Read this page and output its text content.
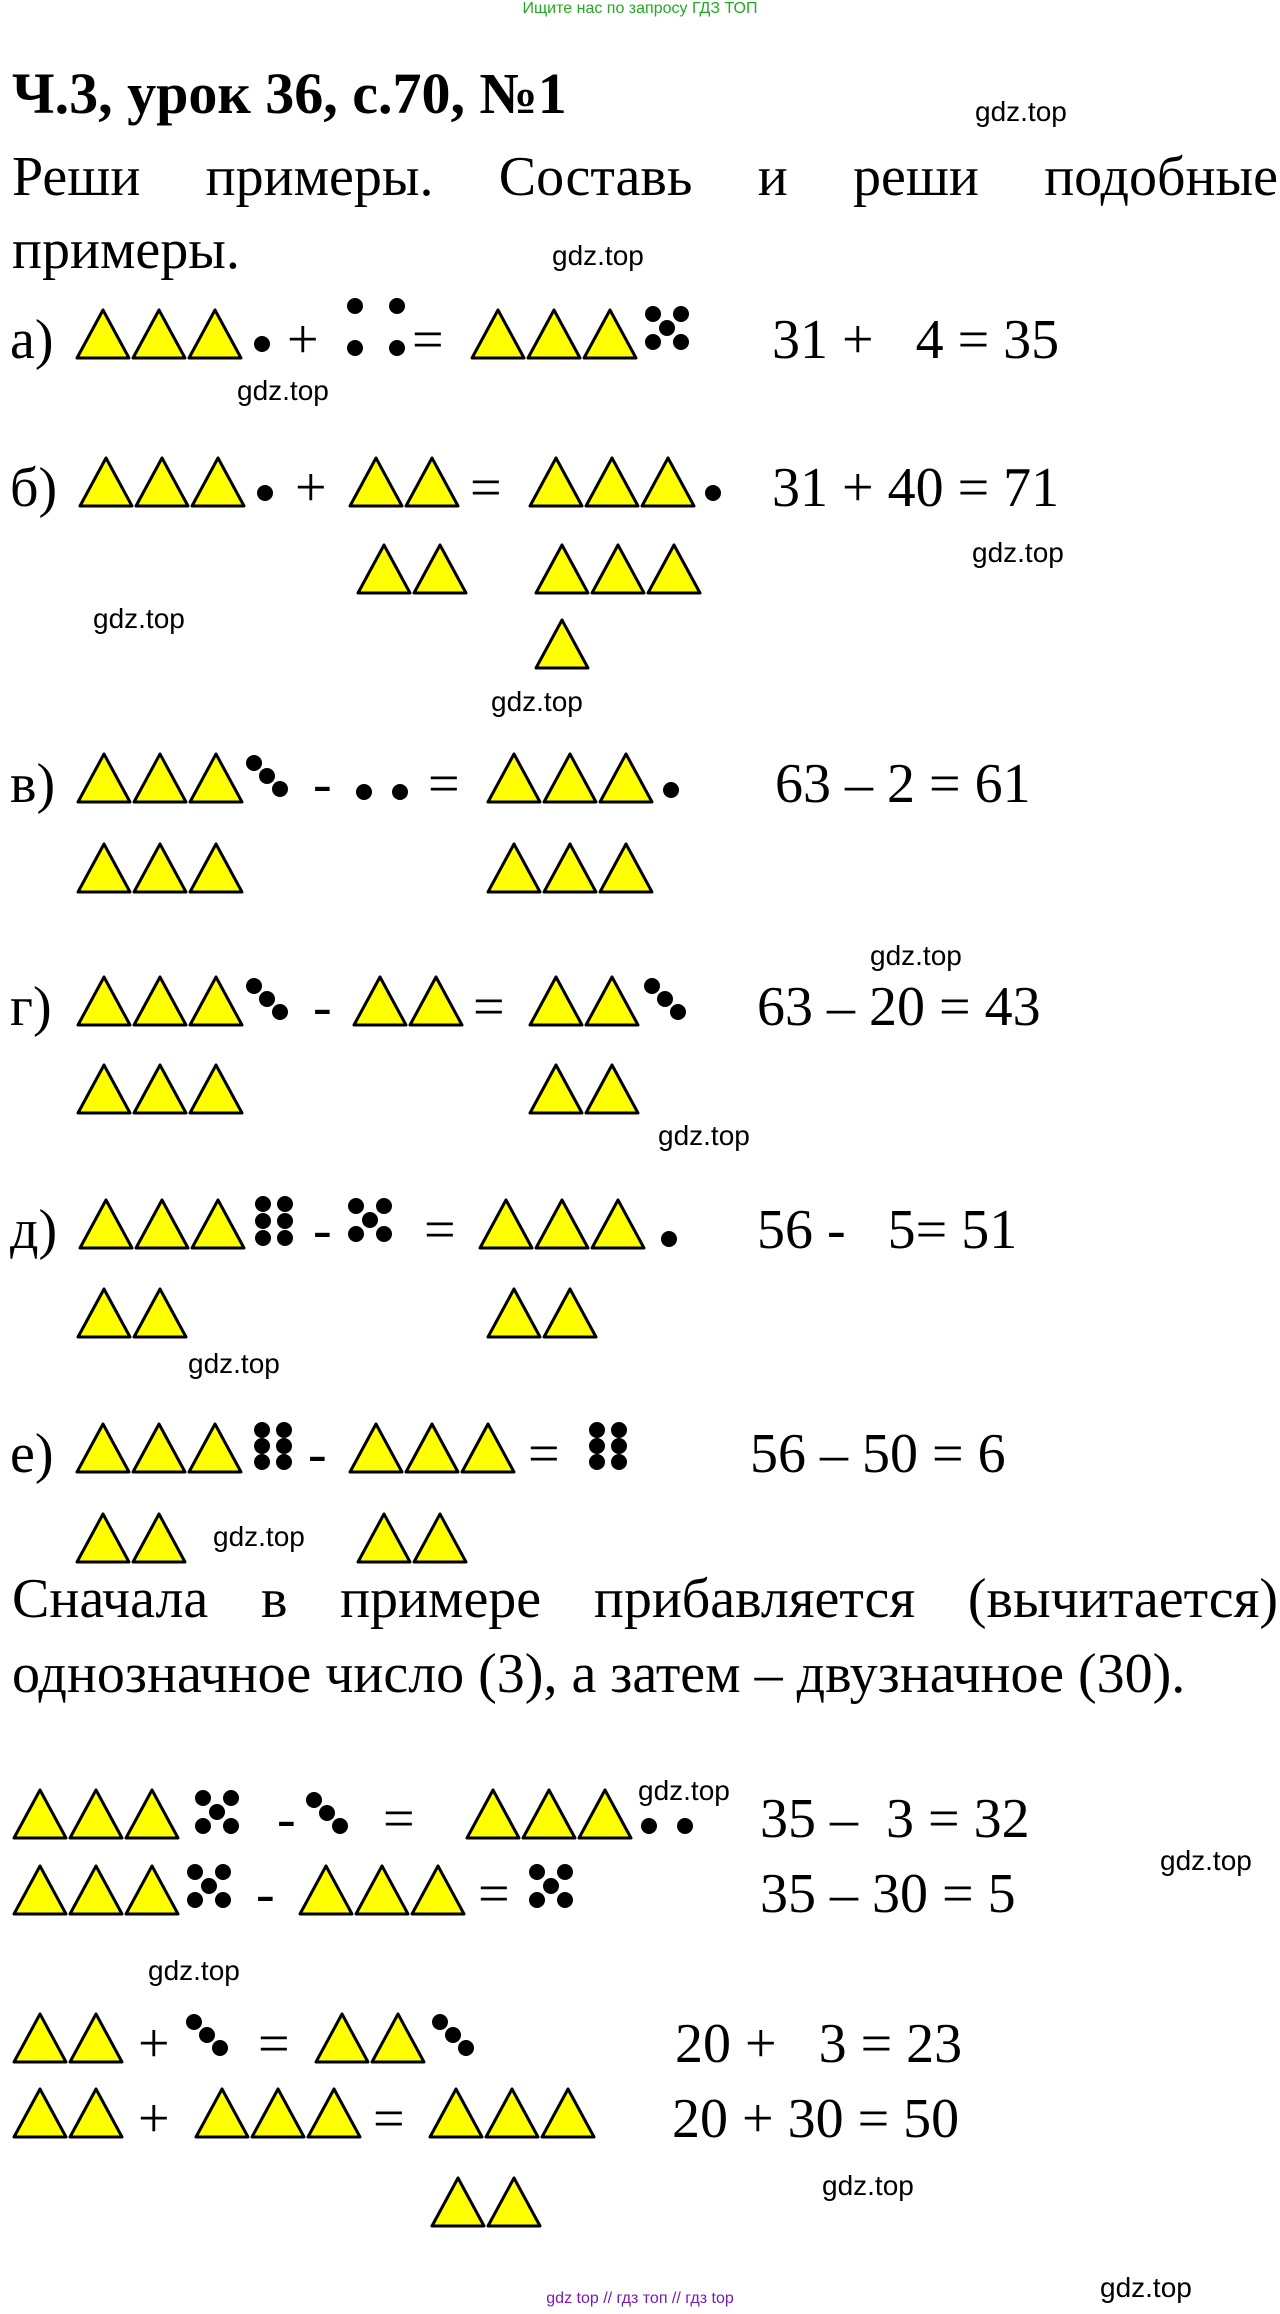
Ищите нас по запросу ГДЗ ТОП
Ч.3, урок 36, с.70, №1
Реши примеры. Составь и реши подобные
примеры.
а)
б)
в)
г)
д)
е)
+ =
+	=
- =
-	=
- =
-	=
- =
-	=
+ =
+	=
31 +   4 = 35
31 + 40 = 71
63 – 2 = 61
63 – 20 = 43
56 -   5= 51
56 – 50 = 6
35 –  3 = 32
35 – 30 = 5
20 +   3 = 23
20 + 30 = 50
Сначала в примере прибавляется (вычитается)
однозначное число (3), а затем – двузначное (30).
gdz.top
gdz.top
gdz.top
gdz.top
gdz.top
gdz.top
gdz.top
gdz.top
gdz.top
gdz.top
gdz.top
gdz.top
gdz.top
gdz.top
gdz.top
gdz top // гдз топ // гдз top
